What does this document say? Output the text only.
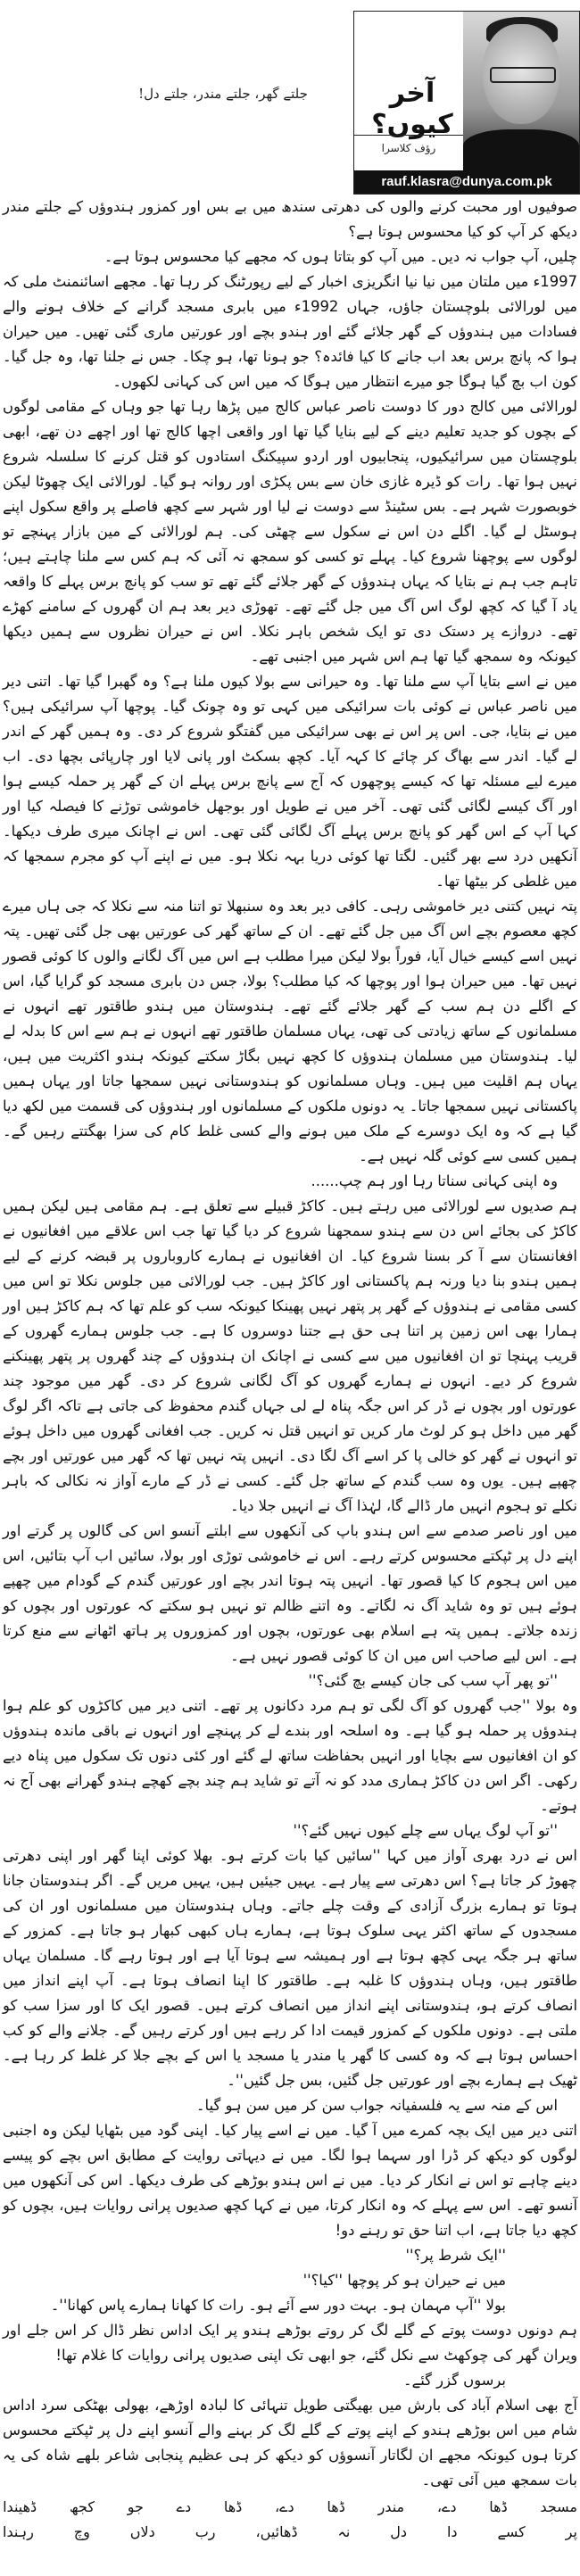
جلتے گھر، جلتے مندر، جلتے دل!	آخر کیوں؟
رؤف کلاسرا
rauf.klasra@dunya.com.pk

صوفیوں اور محبت کرنے والوں کی دھرتی سندھ میں بے بس اور کمزور ہندوؤں کے جلتے مندر دیکھ کر آپ کو کیا محسوس ہوتا ہے؟

چلیں، آپ جواب نہ دیں۔ میں آپ کو بتاتا ہوں کہ مجھے کیا محسوس ہوتا ہے۔

1997ء میں ملتان میں نیا نیا انگریزی اخبار کے لیے رپورٹنگ کر رہا تھا۔ مجھے اسائنمنٹ ملی کہ میں لورالائی بلوچستان جاؤں، جہاں 1992ء میں بابری مسجد گرانے کے خلاف ہونے والے فسادات میں ہندوؤں کے گھر جلائے گئے اور ہندو بچے اور عورتیں ماری گئی تھیں۔ میں حیران ہوا کہ پانچ برس بعد اب جانے کا کیا فائدہ؟ جو ہونا تھا، ہو چکا۔ جس نے جلنا تھا، وہ جل گیا۔ کون اب بچ گیا ہوگا جو میرے انتظار میں ہوگا کہ میں اس کی کہانی لکھوں۔

لورالائی میں کالج دور کا دوست ناصر عباس کالج میں پڑھا رہا تھا جو وہاں کے مقامی لوگوں کے بچوں کو جدید تعلیم دینے کے لیے بنایا گیا تھا اور واقعی اچھا کالج تھا اور اچھے دن تھے، ابھی بلوچستان میں سرائیکیوں، پنجابیوں اور اردو سپیکنگ استادوں کو قتل کرنے کا سلسلہ شروع نہیں ہوا تھا۔ رات کو ڈیرہ غازی خان سے بس پکڑی اور روانہ ہو گیا۔ لورالائی ایک چھوٹا لیکن خوبصورت شہر ہے۔ بس سٹینڈ سے دوست نے لیا اور شہر سے کچھ فاصلے پر واقع سکول اپنے ہوسٹل لے گیا۔ اگلے دن اس نے سکول سے چھٹی کی۔ ہم لورالائی کے مین بازار پہنچے تو لوگوں سے پوچھنا شروع کیا۔ پہلے تو کسی کو سمجھ نہ آئی کہ ہم کس سے ملنا چاہتے ہیں؛ تاہم جب ہم نے بتایا کہ یہاں ہندوؤں کے گھر جلائے گئے تھے تو سب کو پانچ برس پہلے کا واقعہ یاد آ گیا کہ کچھ لوگ اس آگ میں جل گئے تھے۔ تھوڑی دیر بعد ہم ان گھروں کے سامنے کھڑے تھے۔ دروازے پر دستک دی تو ایک شخص باہر نکلا۔ اس نے حیران نظروں سے ہمیں دیکھا کیونکہ وہ سمجھ گیا تھا ہم اس شہر میں اجنبی تھے۔

میں نے اسے بتایا آپ سے ملنا تھا۔ وہ حیرانی سے بولا کیوں ملنا ہے؟ وہ گھبرا گیا تھا۔ اتنی دیر میں ناصر عباس نے کوئی بات سرائیکی میں کہی تو وہ چونک گیا۔ پوچھا آپ سرائیکی ہیں؟ میں نے بتایا، جی۔ اس پر اس نے بھی سرائیکی میں گفتگو شروع کر دی۔ وہ ہمیں گھر کے اندر لے گیا۔ اندر سے بھاگ کر چائے کا کہہ آیا۔ کچھ بسکٹ اور پانی لایا اور چارپائی بچھا دی۔ اب میرے لیے مسئلہ تھا کہ کیسے پوچھوں کہ آج سے پانچ برس پہلے ان کے گھر پر حملہ کیسے ہوا اور آگ کیسے لگائی گئی تھی۔ آخر میں نے طویل اور بوجھل خاموشی توڑنے کا فیصلہ کیا اور کہا آپ کے اس گھر کو پانچ برس پہلے آگ لگائی گئی تھی۔ اس نے اچانک میری طرف دیکھا۔ آنکھیں درد سے بھر گئیں۔ لگتا تھا کوئی دریا بہہ نکلا ہو۔ میں نے اپنے آپ کو مجرم سمجھا کہ میں غلطی کر بیٹھا تھا۔

پتہ نہیں کتنی دیر خاموشی رہی۔ کافی دیر بعد وہ سنبھلا تو اتنا منہ سے نکلا کہ جی ہاں میرے کچھ معصوم بچے اس آگ میں جل گئے تھے۔ ان کے ساتھ گھر کی عورتیں بھی جل گئی تھیں۔ پتہ نہیں اسے کیسے خیال آیا، فوراً بولا لیکن میرا مطلب ہے اس میں آگ لگانے والوں کا کوئی قصور نہیں تھا۔ میں حیران ہوا اور پوچھا کہ کیا مطلب؟ بولا، جس دن بابری مسجد کو گرایا گیا، اس کے اگلے دن ہم سب کے گھر جلائے گئے تھے۔ ہندوستان میں ہندو طاقتور تھے انہوں نے مسلمانوں کے ساتھ زیادتی کی تھی، یہاں مسلمان طاقتور تھے انہوں نے ہم سے اس کا بدلہ لے لیا۔ ہندوستان میں مسلمان ہندوؤں کا کچھ نہیں بگاڑ سکتے کیونکہ ہندو اکثریت میں ہیں، یہاں ہم اقلیت میں ہیں۔ وہاں مسلمانوں کو ہندوستانی نہیں سمجھا جاتا اور یہاں ہمیں پاکستانی نہیں سمجھا جاتا۔ یہ دونوں ملکوں کے مسلمانوں اور ہندوؤں کی قسمت میں لکھ دیا گیا ہے کہ وہ ایک دوسرے کے ملک میں ہونے والے کسی غلط کام کی سزا بھگتتے رہیں گے۔ ہمیں کسی سے کوئی گلہ نہیں ہے۔

وہ اپنی کہانی سناتا رہا اور ہم چپ......

ہم صدیوں سے لورالائی میں رہتے ہیں۔ کاکڑ قبیلے سے تعلق ہے۔ ہم مقامی ہیں لیکن ہمیں کاکڑ کی بجائے اس دن سے ہندو سمجھنا شروع کر دیا گیا تھا جب اس علاقے میں افغانیوں نے افغانستان سے آ کر بسنا شروع کیا۔ ان افغانیوں نے ہمارے کاروباروں پر قبضہ کرنے کے لیے ہمیں ہندو بنا دیا ورنہ ہم پاکستانی اور کاکڑ ہیں۔ جب لورالائی میں جلوس نکلا تو اس میں کسی مقامی نے ہندوؤں کے گھر پر پتھر نہیں پھینکا کیونکہ سب کو علم تھا کہ ہم کاکڑ ہیں اور ہمارا بھی اس زمین پر اتنا ہی حق ہے جتنا دوسروں کا ہے۔ جب جلوس ہمارے گھروں کے قریب پہنچا تو ان افغانیوں میں سے کسی نے اچانک ان ہندوؤں کے چند گھروں پر پتھر پھینکنے شروع کر دیے۔ انہوں نے ہمارے گھروں کو آگ لگانی شروع کر دی۔ گھر میں موجود چند عورتوں اور بچوں نے ڈر کر اس جگہ پناہ لے لی جہاں گندم محفوظ کی جاتی ہے تاکہ اگر لوگ گھر میں داخل ہو کر لوٹ مار کریں تو انہیں قتل نہ کریں۔ جب افغانی گھروں میں داخل ہوئے تو انہوں نے گھر کو خالی پا کر اسے آگ لگا دی۔ انہیں پتہ نہیں تھا کہ گھر میں عورتیں اور بچے چھپے ہیں۔ یوں وہ سب گندم کے ساتھ جل گئے۔ کسی نے ڈر کے مارے آواز نہ نکالی کہ باہر نکلے تو ہجوم انہیں مار ڈالے گا، لہٰذا آگ نے انہیں جلا دیا۔

میں اور ناصر صدمے سے اس ہندو باپ کی آنکھوں سے ابلتے آنسو اس کی گالوں پر گرتے اور اپنے دل پر ٹپکتے محسوس کرتے رہے۔ اس نے خاموشی توڑی اور بولا، سائیں اب آپ بتائیں، اس میں اس ہجوم کا کیا قصور تھا۔ انہیں پتہ ہوتا اندر بچے اور عورتیں گندم کے گودام میں چھپے ہوئے ہیں تو وہ شاید آگ نہ لگاتے۔ وہ اتنے ظالم تو نہیں ہو سکتے کہ عورتوں اور بچوں کو زندہ جلاتے۔ ہمیں پتہ ہے اسلام بھی عورتوں، بچوں اور کمزوروں پر ہاتھ اٹھانے سے منع کرتا ہے۔ اس لیے صاحب اس میں ان کا کوئی قصور نہیں ہے۔

''تو پھر آپ سب کی جان کیسے بچ گئی؟''

وہ بولا ''جب گھروں کو آگ لگی تو ہم مرد دکانوں پر تھے۔ اتنی دیر میں کاکڑوں کو علم ہوا ہندوؤں پر حملہ ہو گیا ہے۔ وہ اسلحہ اور بندے لے کر پہنچے اور انہوں نے باقی ماندہ ہندوؤں کو ان افغانیوں سے بچایا اور انہیں بحفاظت ساتھ لے گئے اور کئی دنوں تک سکول میں پناہ دیے رکھی۔ اگر اس دن کاکڑ ہماری مدد کو نہ آتے تو شاید ہم چند بچے کھچے ہندو گھرانے بھی آج نہ ہوتے۔

''تو آپ لوگ یہاں سے چلے کیوں نہیں گئے؟''

اس نے درد بھری آواز میں کہا ''سائیں کیا بات کرتے ہو۔ بھلا کوئی اپنا گھر اور اپنی دھرتی چھوڑ کر جاتا ہے؟ اس دھرتی سے پیار ہے۔ یہیں جیئیں ہیں، یہیں مریں گے۔ اگر ہندوستان جانا ہوتا تو ہمارے بزرگ آزادی کے وقت چلے جاتے۔ وہاں ہندوستان میں مسلمانوں اور ان کی مسجدوں کے ساتھ اکثر یہی سلوک ہوتا ہے، ہمارے ہاں کبھی کبھار ہو جاتا ہے۔ کمزور کے ساتھ ہر جگہ یہی کچھ ہوتا ہے اور ہمیشہ سے ہوتا آیا ہے اور ہوتا رہے گا۔ مسلمان یہاں طاقتور ہیں، وہاں ہندوؤں کا غلبہ ہے۔ طاقتور کا اپنا انصاف ہوتا ہے۔ آپ اپنے انداز میں انصاف کرتے ہو، ہندوستانی اپنے انداز میں انصاف کرتے ہیں۔ قصور ایک کا اور سزا سب کو ملتی ہے۔ دونوں ملکوں کے کمزور قیمت ادا کر رہے ہیں اور کرتے رہیں گے۔ جلانے والے کو کب احساس ہوتا ہے کہ وہ کسی کا گھر یا مندر یا مسجد یا اس کے بچے جلا کر غلط کر رہا ہے۔ ٹھیک ہے ہمارے بچے اور عورتیں جل گئیں، بس جل گئیں''۔

اس کے منہ سے یہ فلسفیانہ جواب سن کر میں سن ہو گیا۔

اتنی دیر میں ایک بچہ کمرے میں آ گیا۔ میں نے اسے پیار کیا۔ اپنی گود میں بٹھایا لیکن وہ اجنبی لوگوں کو دیکھ کر ڈرا اور سہما ہوا لگا۔ میں نے دیہاتی روایت کے مطابق اس بچے کو پیسے دینے چاہے تو اس نے انکار کر دیا۔ میں نے اس ہندو بوڑھے کی طرف دیکھا۔ اس کی آنکھوں میں آنسو تھے۔ اس سے پہلے کہ وہ انکار کرتا، میں نے کہا کچھ صدیوں پرانی روایات ہیں، بچوں کو کچھ دیا جاتا ہے، اب اتنا حق تو رہنے دو!

''ایک شرط پر؟''

میں نے حیران ہو کر پوچھا ''کیا؟''

بولا ''آپ مہمان ہو۔ بہت دور سے آئے ہو۔ رات کا کھانا ہمارے پاس کھانا''۔

ہم دونوں دوست پوتے کے گلے لگ کر روتے بوڑھے ہندو پر ایک اداس نظر ڈال کر اس جلے اور ویران گھر کی چوکھٹ سے نکل گئے، جو ابھی تک اپنی صدیوں پرانی روایات کا غلام تھا!

برسوں گزر گئے۔

آج بھی اسلام آباد کی بارش میں بھیگتی طویل تنہائی کا لبادہ اوڑھے، بھولی بھٹکی سرد اداس شام میں اس بوڑھے ہندو کے اپنے پوتے کے گلے لگ کر بہنے والے آنسو اپنے دل پر ٹپکتے محسوس کرتا ہوں کیونکہ مجھے ان لگاتار آنسوؤں کو دیکھ کر ہی عظیم پنجابی شاعر بلھے شاہ کی یہ بات سمجھ میں آئی تھی۔

مسجد
ڈھا
دے،
مندر
ڈھا
دے،
ڈھا
دے
جو
کجھ
ڈھیندا
پر
کسے
دا
دل
نہ
ڈھائیں،
رب
دلاں
وچ
رہندا
